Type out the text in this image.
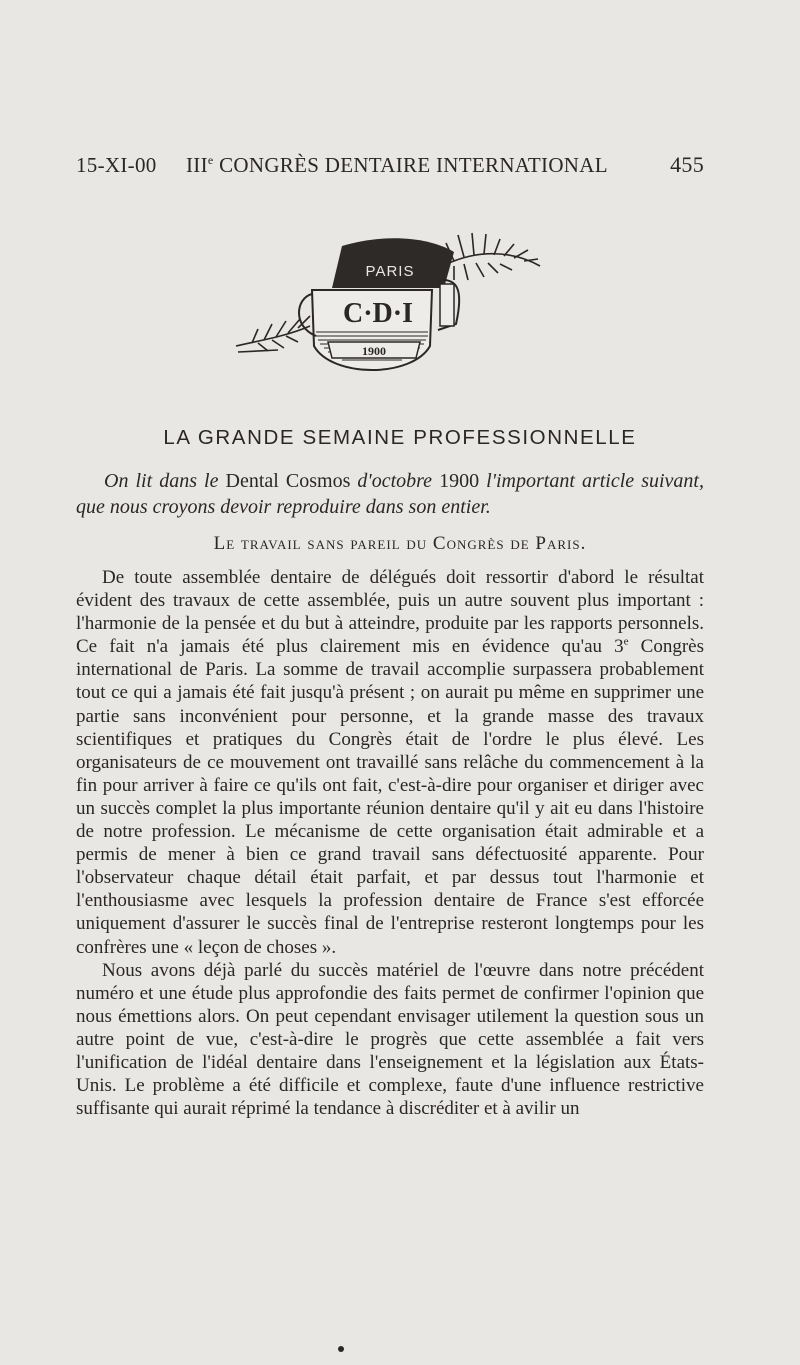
15-XI-00	IIIe CONGRÈS DENTAIRE INTERNATIONAL	455
PARIS
C·D·I
1900
LA GRANDE SEMAINE PROFESSIONNELLE
On lit dans le Dental Cosmos d'octobre 1900 l'important article suivant, que nous croyons devoir reproduire dans son entier.
Le travail sans pareil du Congrès de Paris.

De toute assemblée dentaire de délégués doit ressortir d'abord le résultat évident des travaux de cette assemblée, puis un autre souvent plus important : l'harmonie de la pensée et du but à atteindre, produite par les rapports personnels. Ce fait n'a jamais été plus clairement mis en évidence qu'au 3e Congrès international de Paris. La somme de travail accomplie surpassera probablement tout ce qui a jamais été fait jusqu'à présent ; on aurait pu même en supprimer une partie sans inconvénient pour personne, et la grande masse des travaux scientifiques et pratiques du Congrès était de l'ordre le plus élevé. Les organisateurs de ce mouvement ont travaillé sans relâche du commencement à la fin pour arriver à faire ce qu'ils ont fait, c'est-à-dire pour organiser et diriger avec un succès complet la plus importante réunion dentaire qu'il y ait eu dans l'histoire de notre profession. Le mécanisme de cette organisation était admirable et a permis de mener à bien ce grand travail sans défectuosité apparente. Pour l'observateur chaque détail était parfait, et par dessus tout l'harmonie et l'enthousiasme avec lesquels la profession dentaire de France s'est efforcée uniquement d'assurer le succès final de l'entreprise resteront longtemps pour les confrères une « leçon de choses ».

Nous avons déjà parlé du succès matériel de l'œuvre dans notre précédent numéro et une étude plus approfondie des faits permet de confirmer l'opinion que nous émettions alors. On peut cependant envisager utilement la question sous un autre point de vue, c'est-à-dire le progrès que cette assemblée a fait vers l'unification de l'idéal dentaire dans l'enseignement et la législation aux États-Unis. Le problème a été difficile et complexe, faute d'une influence restrictive suffisante qui aurait réprimé la tendance à discréditer et à avilir un
